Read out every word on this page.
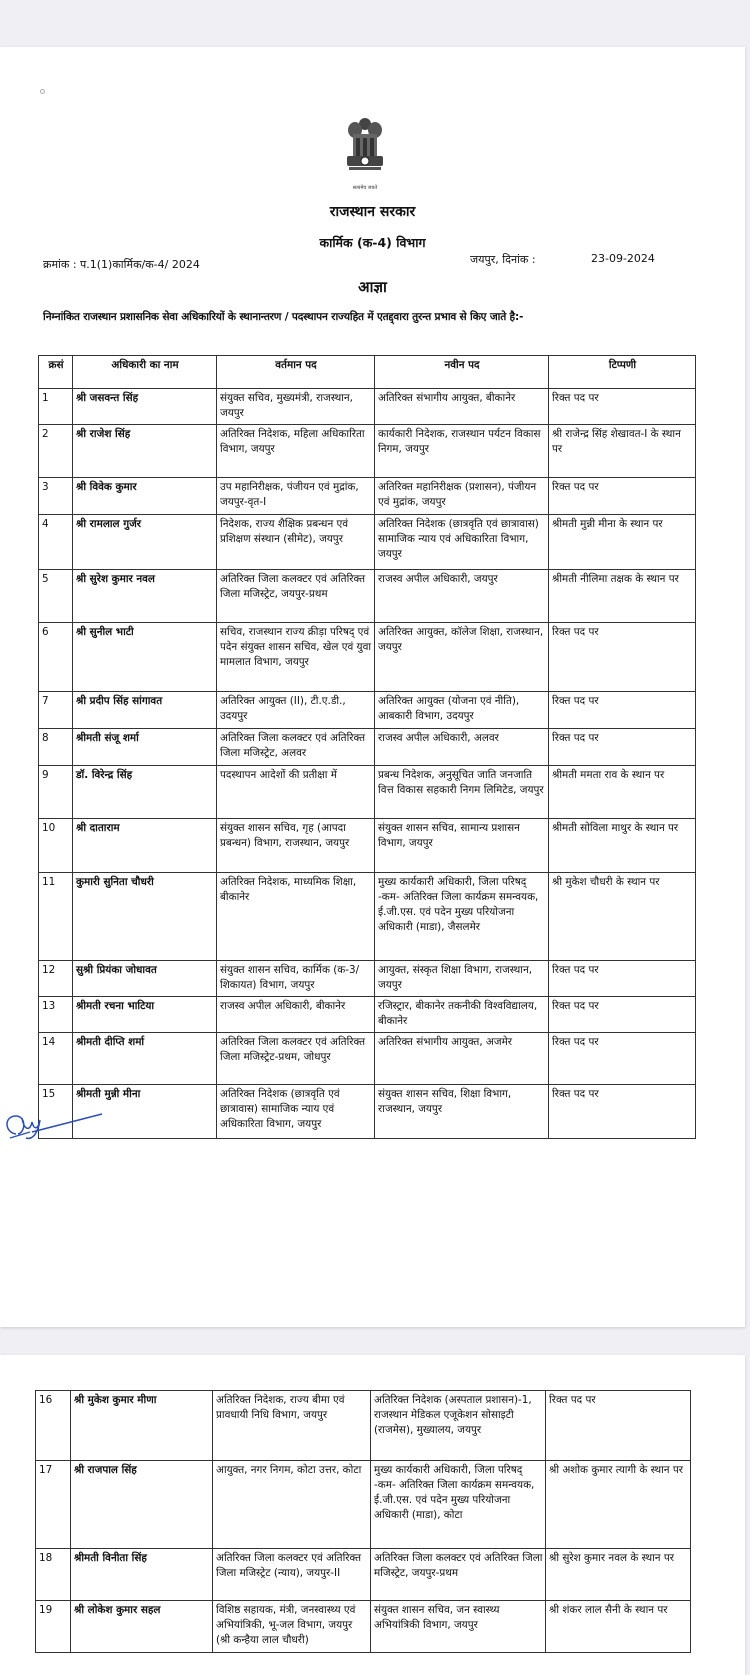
सत्यमेव जयते
राजस्थान सरकार
कार्मिक (क-4) विभाग
क्रमांक : प.1(1)कार्मिक/क-4/ 2024	जयपुर, दिनांक :	23-09-2024
आज्ञा
निम्नांकित राजस्थान प्रशासनिक सेवा अधिकारियों के स्थानान्तरण / पदस्थापन राज्यहित में एतद्द्वारा तुरन्त प्रभाव से किए जाते है:-
क्रसं	अधिकारी का नाम	वर्तमान पद	नवीन पद	टिप्पणी
1	श्री जसवन्त सिंह	संयुक्त सचिव, मुख्यमंत्री, राजस्थान, जयपुर	अतिरिक्त संभागीय आयुक्त, बीकानेर	रिक्त पद पर
2	श्री राजेश सिंह	अतिरिक्त निदेशक, महिला अधिकारिता विभाग, जयपुर	कार्यकारी निदेशक, राजस्थान पर्यटन विकास निगम, जयपुर	श्री राजेन्द्र सिंह शेखावत-I के स्थान पर
3	श्री विवेक कुमार	उप महानिरीक्षक, पंजीयन एवं मुद्रांक, जयपुर-वृत-I	अतिरिक्त महानिरीक्षक (प्रशासन), पंजीयन एवं मुद्रांक, जयपुर	रिक्त पद पर
4	श्री रामलाल गुर्जर	निदेशक, राज्य शैक्षिक प्रबन्धन एवं प्रशिक्षण संस्थान (सीमेट), जयपुर	अतिरिक्त निदेशक (छात्रवृति एवं छात्रावास) सामाजिक न्याय एवं अधिकारिता विभाग, जयपुर	श्रीमती मुन्नी मीना के स्थान पर
5	श्री सुरेश कुमार नवल	अतिरिक्त जिला कलक्टर एवं अतिरिक्त जिला मजिस्ट्रेट, जयपुर-प्रथम	राजस्व अपील अधिकारी, जयपुर	श्रीमती नीलिमा तक्षक के स्थान पर
6	श्री सुनील भाटी	सचिव, राजस्थान राज्य क्रीड़ा परिषद् एवं पदेन संयुक्त शासन सचिव, खेल एवं युवा मामलात विभाग, जयपुर	अतिरिक्त आयुक्त, कॉलेज शिक्षा, राजस्थान, जयपुर	रिक्त पद पर
7	श्री प्रदीप सिंह सांगावत	अतिरिक्त आयुक्त (II), टी.ए.डी., उदयपुर	अतिरिक्त आयुक्त (योजना एवं नीति), आबकारी विभाग, उदयपुर	रिक्त पद पर
8	श्रीमती संजू शर्मा	अतिरिक्त जिला कलक्टर एवं अतिरिक्त जिला मजिस्ट्रेट, अलवर	राजस्व अपील अधिकारी, अलवर	रिक्त पद पर
9	डॉ. विरेन्द्र सिंह	पदस्थापन आदेशों की प्रतीक्षा में	प्रबन्ध निदेशक, अनुसूचित जाति जनजाति वित्त विकास सहकारी निगम लिमिटेड, जयपुर	श्रीमती ममता राव के स्थान पर
10	श्री दाताराम	संयुक्त शासन सचिव, गृह (आपदा प्रबन्धन) विभाग, राजस्थान, जयपुर	संयुक्त शासन सचिव, सामान्य प्रशासन विभाग, जयपुर	श्रीमती सोविला माथुर के स्थान पर
11	कुमारी सुनिता चौधरी	अतिरिक्त निदेशक, माध्यमिक शिक्षा, बीकानेर	मुख्य कार्यकारी अधिकारी, जिला परिषद् -कम- अतिरिक्त जिला कार्यक्रम समन्वयक, ई.जी.एस. एवं पदेन मुख्य परियोजना अधिकारी (माडा), जैसलमेर	श्री मुकेश चौधरी के स्थान पर
12	सुश्री प्रियंका जोधावत	संयुक्त शासन सचिव, कार्मिक (क-3/शिकायत) विभाग, जयपुर	आयुक्त, संस्कृत शिक्षा विभाग, राजस्थान, जयपुर	रिक्त पद पर
13	श्रीमती रचना भाटिया	राजस्व अपील अधिकारी, बीकानेर	रजिस्ट्रार, बीकानेर तकनीकी विश्वविद्यालय, बीकानेर	रिक्त पद पर
14	श्रीमती दीप्ति शर्मा	अतिरिक्त जिला कलक्टर एवं अतिरिक्त जिला मजिस्ट्रेट-प्रथम, जोधपुर	अतिरिक्त संभागीय आयुक्त, अजमेर	रिक्त पद पर
15	श्रीमती मुन्नी मीना	अतिरिक्त निदेशक (छात्रवृति एवं छात्रावास) सामाजिक न्याय एवं अधिकारिता विभाग, जयपुर	संयुक्त शासन सचिव, शिक्षा विभाग, राजस्थान, जयपुर	रिक्त पद पर
16	श्री मुकेश कुमार मीणा	अतिरिक्त निदेशक, राज्य बीमा एवं प्रावधायी निधि विभाग, जयपुर	अतिरिक्त निदेशक (अस्पताल प्रशासन)-1, राजस्थान मेडिकल एजूकेशन सोसाइटी (राजमेस), मुख्यालय, जयपुर	रिक्त पद पर
17	श्री राजपाल सिंह	आयुक्त, नगर निगम, कोटा उत्तर, कोटा	मुख्य कार्यकारी अधिकारी, जिला परिषद् -कम- अतिरिक्त जिला कार्यक्रम समन्वयक, ई.जी.एस. एवं पदेन मुख्य परियोजना अधिकारी (माडा), कोटा	श्री अशोक कुमार त्यागी के स्थान पर
18	श्रीमती विनीता सिंह	अतिरिक्त जिला कलक्टर एवं अतिरिक्त जिला मजिस्ट्रेट (न्याय), जयपुर-II	अतिरिक्त जिला कलक्टर एवं अतिरिक्त जिला मजिस्ट्रेट, जयपुर-प्रथम	श्री सुरेश कुमार नवल के स्थान पर
19	श्री लोकेश कुमार सहल	विशिष्ठ सहायक, मंत्री, जनस्वास्थ्य एवं अभियांत्रिकी, भू-जल विभाग, जयपुर (श्री कन्हैया लाल चौधरी)	संयुक्त शासन सचिव, जन स्वास्थ्य अभियांत्रिकी विभाग, जयपुर	श्री शंकर लाल सैनी के स्थान पर
